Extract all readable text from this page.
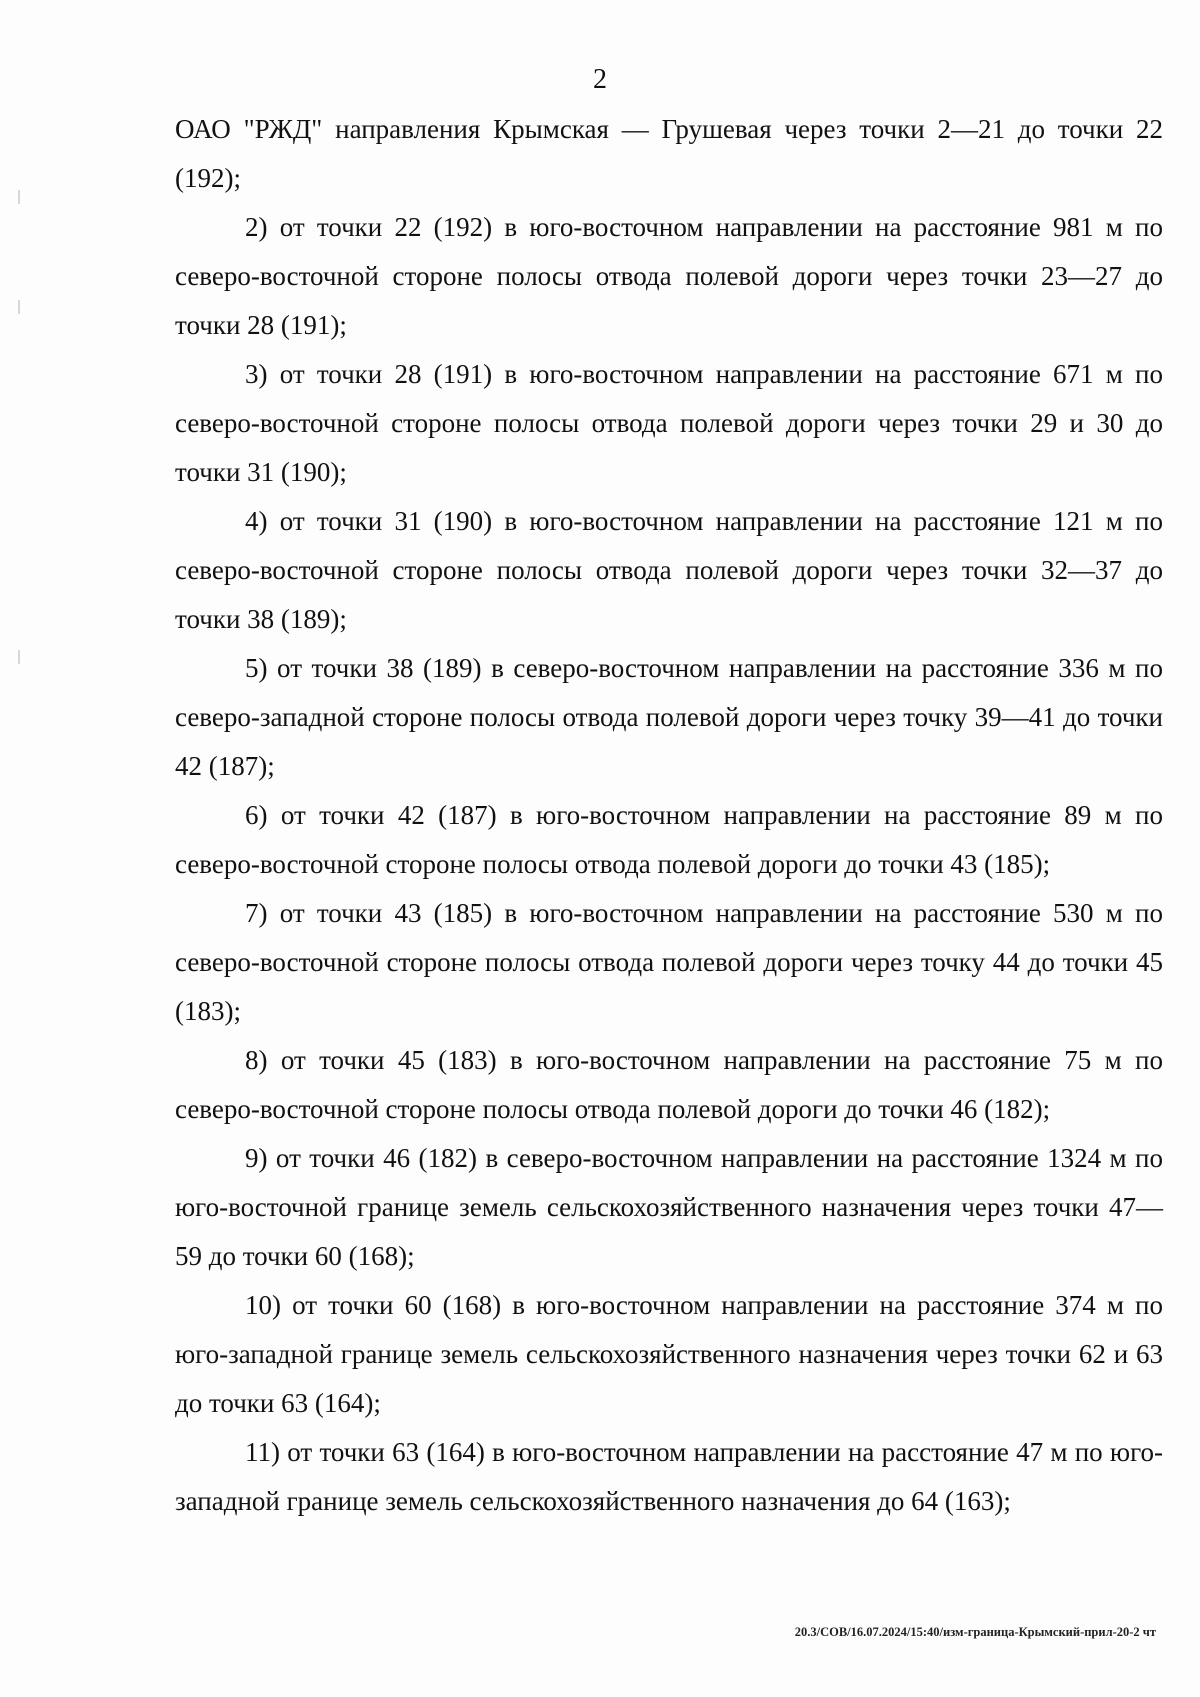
2

ОАО "РЖД" направления Крымская — Грушевая через точки 2—21 до точки 22 (192);

2) от точки 22 (192) в юго-восточном направлении на расстояние 981 м по северо-восточной стороне полосы отвода полевой дороги через точки 23—27 до точки 28 (191);

3) от точки 28 (191) в юго-восточном направлении на расстояние 671 м по северо-восточной стороне полосы отвода полевой дороги через точки 29 и 30 до точки 31 (190);

4) от точки 31 (190) в юго-восточном направлении на расстояние 121 м по северо-восточной стороне полосы отвода полевой дороги через точки 32—37 до точки 38 (189);

5) от точки 38 (189) в северо-восточном направлении на расстояние 336 м по северо-западной стороне полосы отвода полевой дороги через точку 39—41 до точки 42 (187);

6) от точки 42 (187) в юго-восточном направлении на расстояние 89 м по северо-восточной стороне полосы отвода полевой дороги до точки 43 (185);

7) от точки 43 (185) в юго-восточном направлении на расстояние 530 м по северо-восточной стороне полосы отвода полевой дороги через точку 44 до точки 45 (183);

8) от точки 45 (183) в юго-восточном направлении на расстояние 75 м по северо-восточной стороне полосы отвода полевой дороги до точки 46 (182);

9) от точки 46 (182) в северо-восточном направлении на расстояние 1324 м по юго-восточной границе земель сельскохозяйственного назначения через точки 47—59 до точки 60 (168);

10) от точки 60 (168) в юго-восточном направлении на расстояние 374 м по юго-западной границе земель сельскохозяйственного назначения через точки 62 и 63 до точки 63 (164);

11) от точки 63 (164) в юго-восточном направлении на расстояние 47 м по юго-западной границе земель сельскохозяйственного назначения до 64 (163);

20.3/СОВ/16.07.2024/15:40/изм-граница-Крымский-прил-20-2 чт
